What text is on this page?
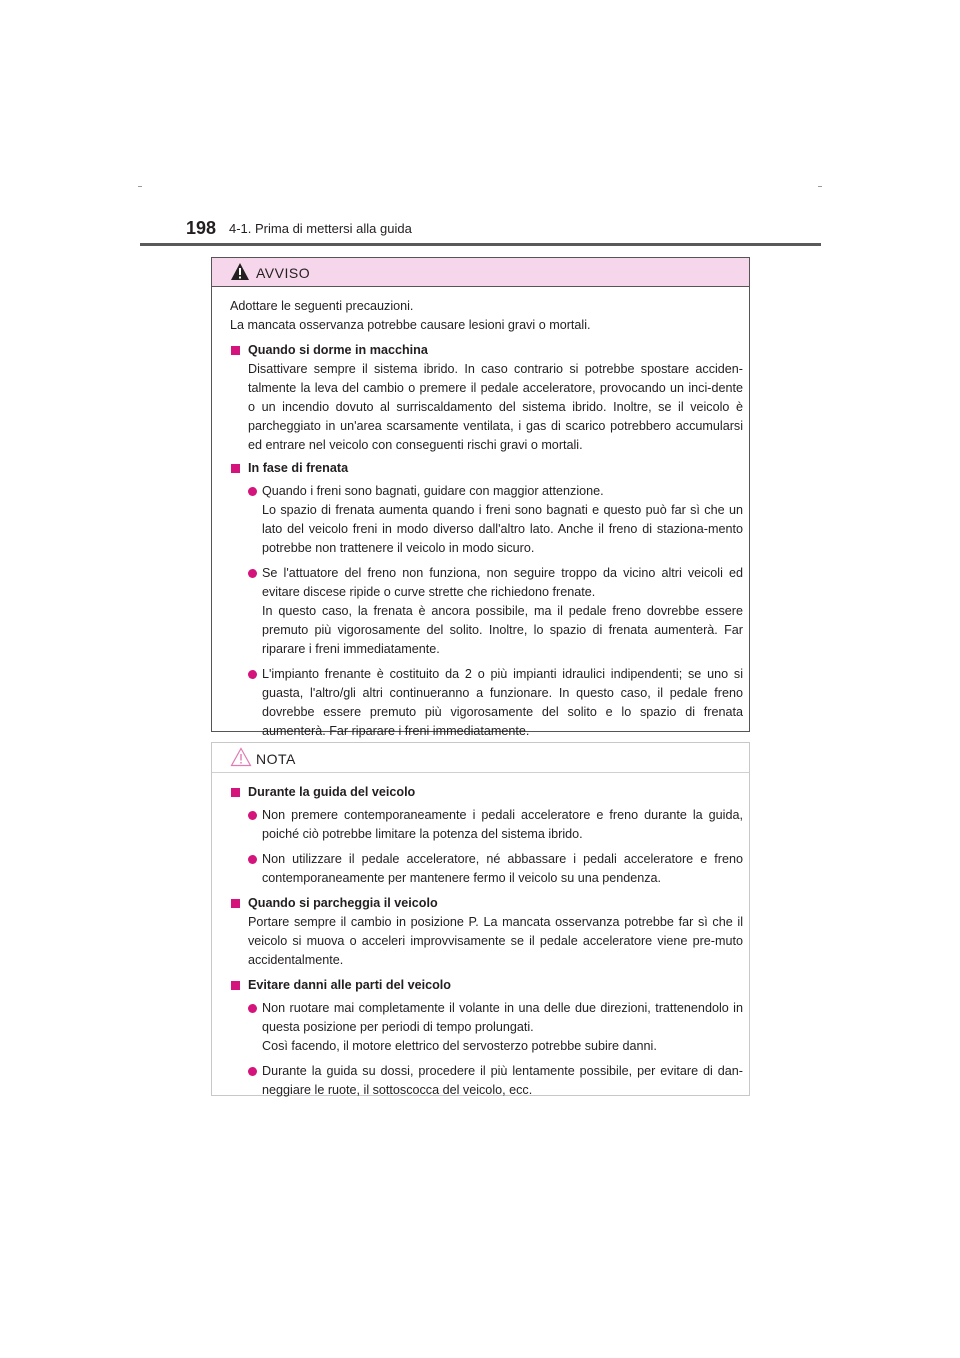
198 4-1. Prima di mettersi alla guida
AVVISO

Adottare le seguenti precauzioni.

La mancata osservanza potrebbe causare lesioni gravi o mortali.

Quando si dorme in macchina
Disattivare sempre il sistema ibrido. In caso contrario si potrebbe spostare acciden-talmente la leva del cambio o premere il pedale acceleratore, provocando un inci-dente o un incendio dovuto al surriscaldamento del sistema ibrido. Inoltre, se il veicolo è parcheggiato in un'area scarsamente ventilata, i gas di scarico potrebbero accumularsi ed entrare nel veicolo con conseguenti rischi gravi o mortali.
In fase di frenata
Quando i freni sono bagnati, guidare con maggior attenzione.
Lo spazio di frenata aumenta quando i freni sono bagnati e questo può far sì che un lato del veicolo freni in modo diverso dall'altro lato. Anche il freno di staziona-mento potrebbe non trattenere il veicolo in modo sicuro.
Se l'attuatore del freno non funziona, non seguire troppo da vicino altri veicoli ed evitare discese ripide o curve strette che richiedono frenate.
In questo caso, la frenata è ancora possibile, ma il pedale freno dovrebbe essere premuto più vigorosamente del solito. Inoltre, lo spazio di frenata aumenterà. Far riparare i freni immediatamente.
L'impianto frenante è costituito da 2 o più impianti idraulici indipendenti; se uno si guasta, l'altro/gli altri continueranno a funzionare. In questo caso, il pedale freno dovrebbe essere premuto più vigorosamente del solito e lo spazio di frenata aumenterà. Far riparare i freni immediatamente.
NOTA
Durante la guida del veicolo
Non premere contemporaneamente i pedali acceleratore e freno durante la guida, poiché ciò potrebbe limitare la potenza del sistema ibrido.
Non utilizzare il pedale acceleratore, né abbassare i pedali acceleratore e freno contemporaneamente per mantenere fermo il veicolo su una pendenza.
Quando si parcheggia il veicolo
Portare sempre il cambio in posizione P. La mancata osservanza potrebbe far sì che il veicolo si muova o acceleri improvvisamente se il pedale acceleratore viene pre-muto accidentalmente.
Evitare danni alle parti del veicolo
Non ruotare mai completamente il volante in una delle due direzioni, trattenendolo in questa posizione per periodi di tempo prolungati.
Così facendo, il motore elettrico del servosterzo potrebbe subire danni.
Durante la guida su dossi, procedere il più lentamente possibile, per evitare di dan-neggiare le ruote, il sottoscocca del veicolo, ecc.
